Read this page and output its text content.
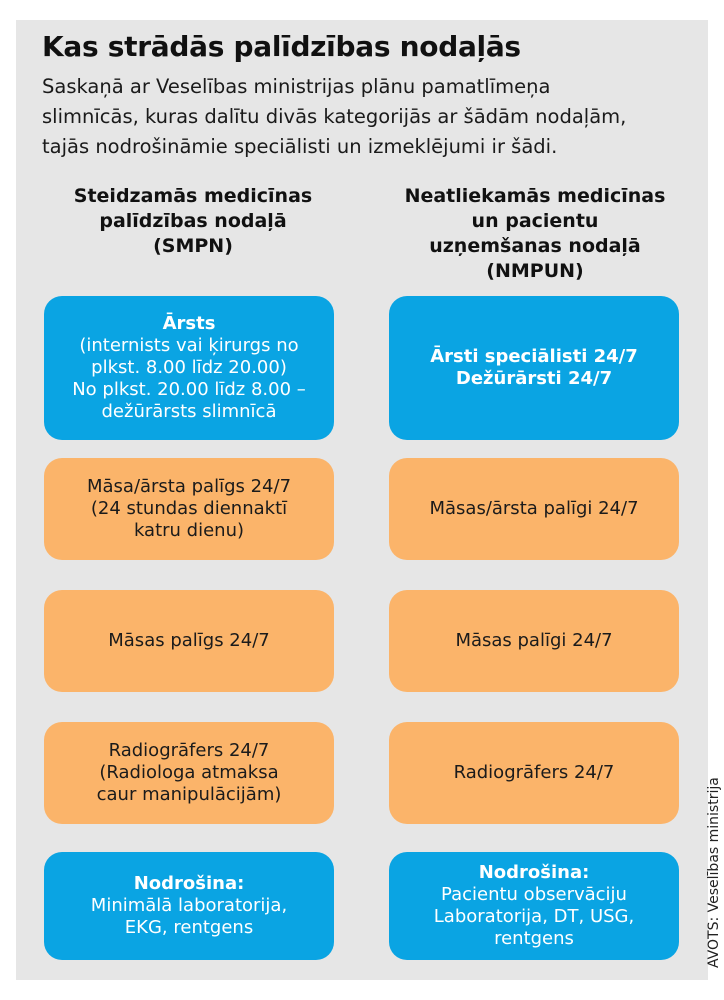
Kas strādās palīdzības nodaļās
Saskaņā ar Veselības ministrijas plānu pamatlīmeņa
slimnīcās, kuras dalītu divās kategorijās ar šādām nodaļām,
tajās nodrošināmie speciālisti un izmeklējumi ir šādi.
Steidzamās medicīnas
palīdzības nodaļā
(SMPN)
Neatliekamās medicīnas
un pacientu
uzņemšanas nodaļā
(NMPUN)
Ārsts
(internists vai ķirurgs no
plkst. 8.00 līdz 20.00)
No plkst. 20.00 līdz 8.00 –
dežūrārsts slimnīcā
Māsa/ārsta palīgs 24/7
(24 stundas diennaktī
katru dienu)
Māsas palīgs 24/7
Radiogrāfers 24/7
(Radiologa atmaksa
caur manipulācijām)
Nodrošina:
Minimālā laboratorija,
EKG, rentgens
Ārsti speciālisti 24/7
Dežūrārsti 24/7
Māsas/ārsta palīgi 24/7
Māsas palīgi 24/7
Radiogrāfers 24/7
Nodrošina:
Pacientu observāciju
Laboratorija, DT, USG,
rentgens	AVOTS: Veselības ministrija
